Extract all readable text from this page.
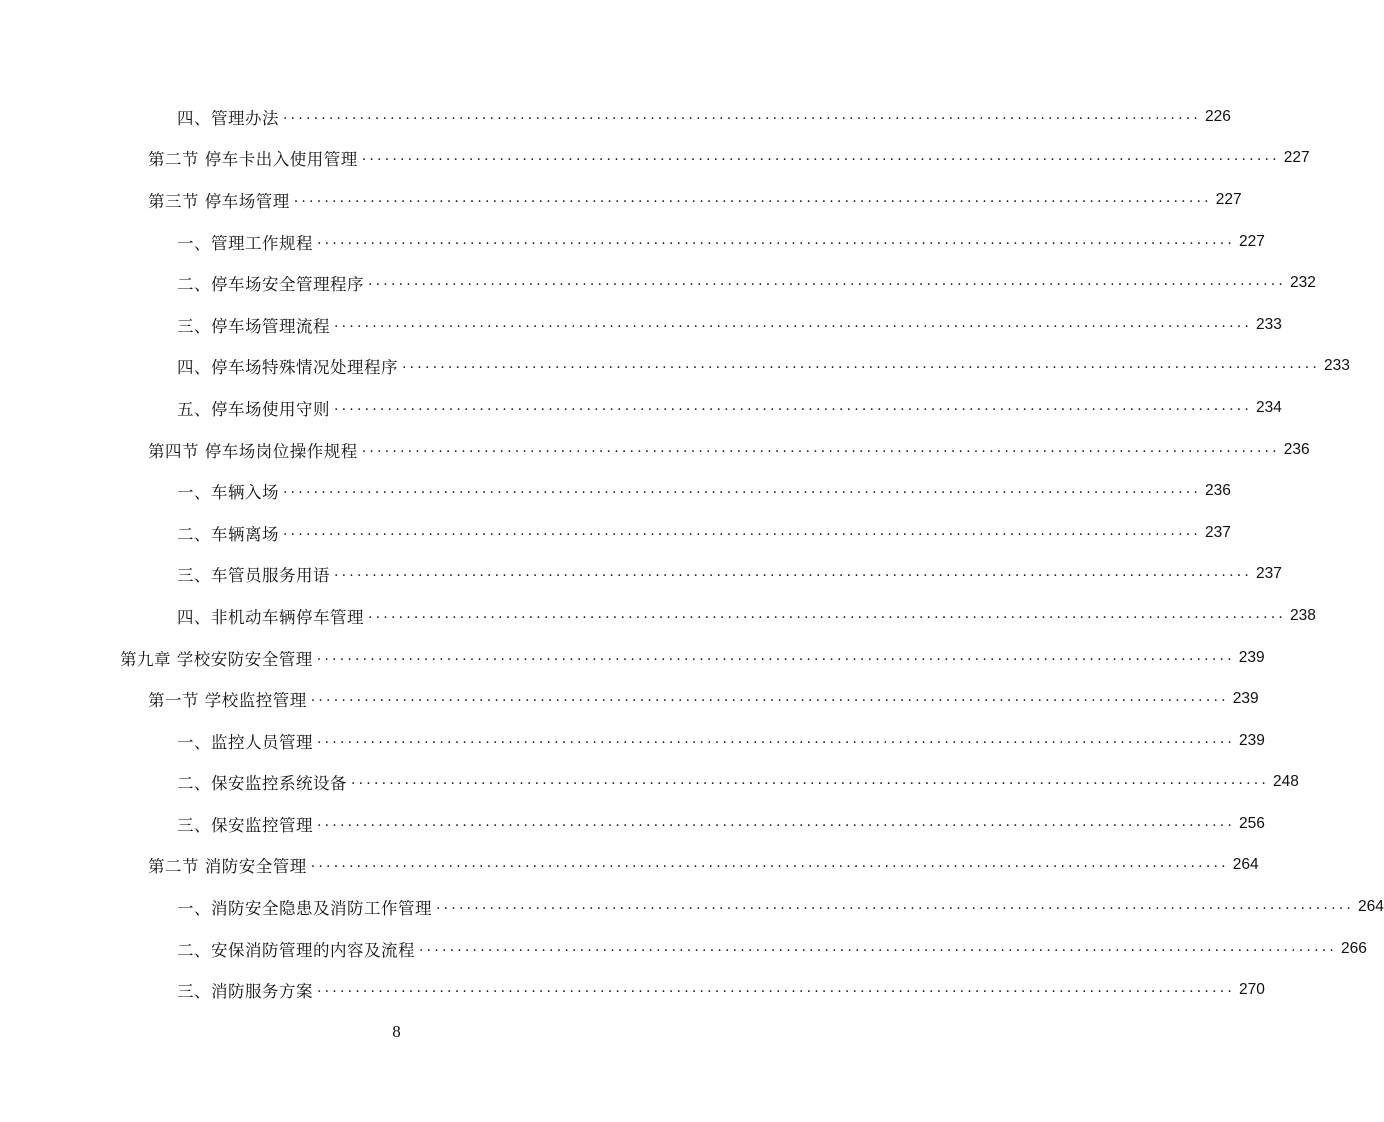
四、管理办法 ........................................................................................................................ 226
第二节 停车卡出入使用管理 ........................................................................................................................ 227
第三节 停车场管理 ........................................................................................................................ 227
一、管理工作规程 ........................................................................................................................ 227
二、停车场安全管理程序 ........................................................................................................................ 232
三、停车场管理流程 ........................................................................................................................ 233
四、停车场特殊情况处理程序 ........................................................................................................................ 233
五、停车场使用守则 ........................................................................................................................ 234
第四节 停车场岗位操作规程 ........................................................................................................................ 236
一、车辆入场 ........................................................................................................................ 236
二、车辆离场 ........................................................................................................................ 237
三、车管员服务用语 ........................................................................................................................ 237
四、非机动车辆停车管理 ........................................................................................................................ 238
第九章 学校安防安全管理 ........................................................................................................................ 239
第一节 学校监控管理 ........................................................................................................................ 239
一、监控人员管理 ........................................................................................................................ 239
二、保安监控系统设备 ........................................................................................................................ 248
三、保安监控管理 ........................................................................................................................ 256
第二节 消防安全管理 ........................................................................................................................ 264
一、消防安全隐患及消防工作管理 ........................................................................................................................ 264
二、安保消防管理的内容及流程 ........................................................................................................................ 266
三、消防服务方案 ........................................................................................................................ 270
8
